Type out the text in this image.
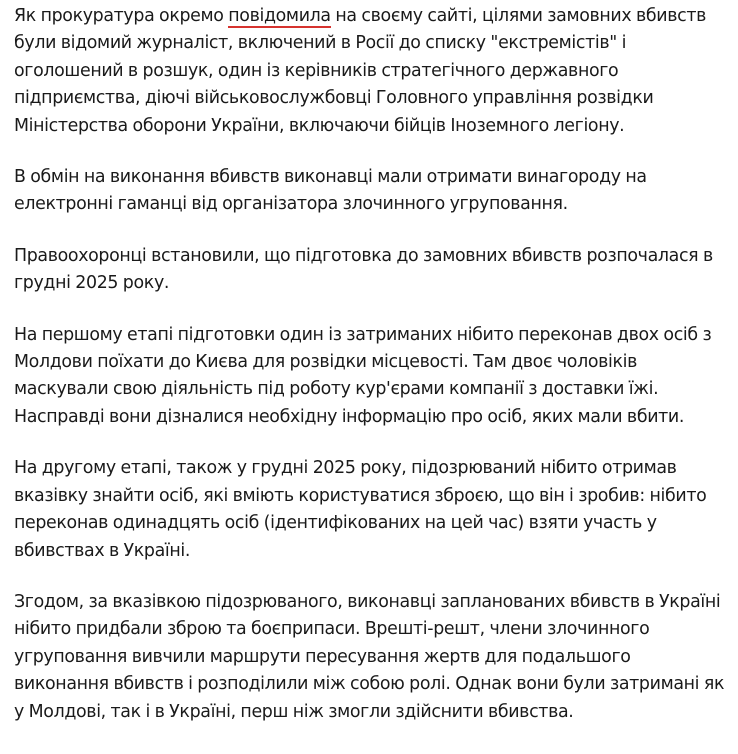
Як прокуратура окремо повідомила на своєму сайті, цілями замовних вбивств були відомий журналіст, включений в Росії до списку "екстремістів" і оголошений в розшук, один із керівників стратегічного державного підприємства, діючі військовослужбовці Головного управління розвідки Міністерства оборони України, включаючи бійців Іноземного легіону.

В обмін на виконання вбивств виконавці мали отримати винагороду на електронні гаманці від організатора злочинного угруповання.

Правоохоронці встановили, що підготовка до замовних вбивств розпочалася в грудні 2025 року.

На першому етапі підготовки один із затриманих нібито переконав двох осіб з Молдови поїхати до Києва для розвідки місцевості. Там двоє чоловіків маскували свою діяльність під роботу кур'єрами компанії з доставки їжі. Насправді вони дізналися необхідну інформацію про осіб, яких мали вбити.

На другому етапі, також у грудні 2025 року, підозрюваний нібито отримав вказівку знайти осіб, які вміють користуватися зброєю, що він і зробив: нібито переконав одинадцять осіб (ідентифікованих на цей час) взяти участь у вбивствах в Україні.

Згодом, за вказівкою підозрюваного, виконавці запланованих вбивств в Україні нібито придбали зброю та боєприпаси. Врешті-решт, члени злочинного угруповання вивчили маршрути пересування жертв для подальшого виконання вбивств і розподілили між собою ролі. Однак вони були затримані як у Молдові, так і в Україні, перш ніж змогли здійснити вбивства.
